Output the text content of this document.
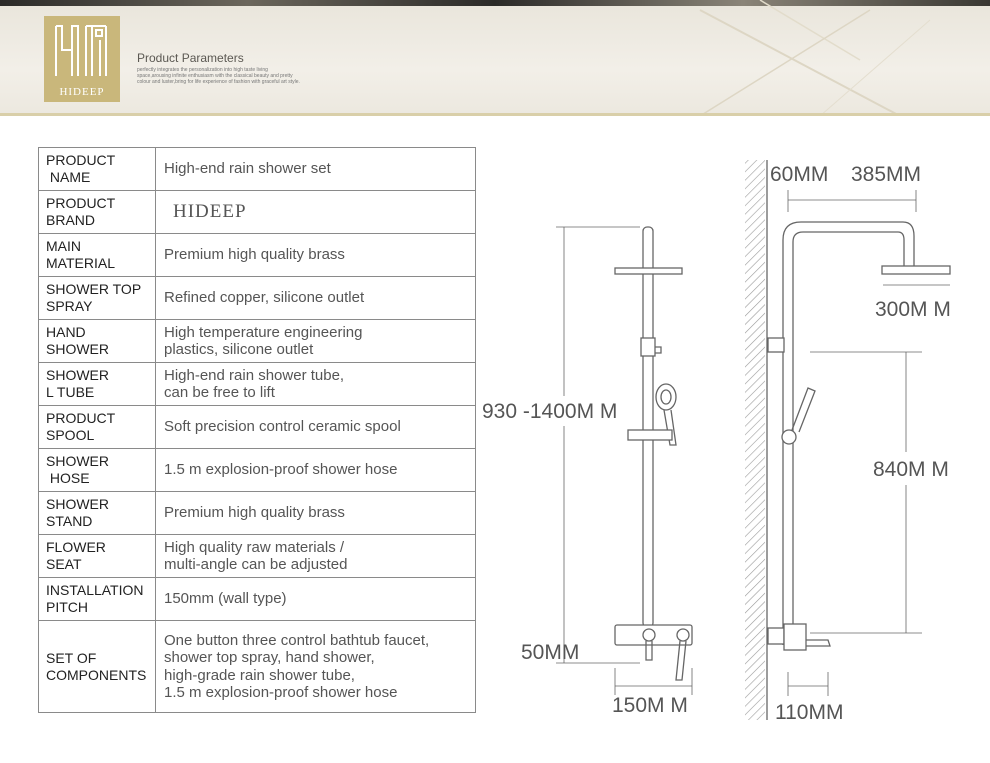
HIDEEP
Product Parameters
perfectly integrates the personalization into high taste living space,arousing infinite enthusiasm with the classical beauty and pretty colour and luster,bring for life experience of fashion with graceful art style.
PRODUCT
NAME	High-end rain shower set
PRODUCT
BRAND	HIDEEP
MAIN
MATERIAL	Premium high quality brass
SHOWER TOP
SPRAY	Refined copper, silicone outlet
HAND
SHOWER	High temperature engineering
plastics, silicone outlet
SHOWER
L TUBE	High-end rain shower tube,
can be free to lift
PRODUCT
SPOOL	Soft precision control ceramic spool
SHOWER
HOSE	1.5 m explosion-proof shower hose
SHOWER
STAND	Premium high quality brass
FLOWER
SEAT	High quality raw materials /
multi-angle can be adjusted
INSTALLATION
PITCH	150mm (wall type)
SET OF
COMPONENTS	One button three control bathtub faucet,
shower top spray, hand shower,
high-grade rain shower tube,
1.5 m explosion-proof shower hose
930 -1400M M
50MM
150M M
60MM 385MM
300M M
840M M
110MM
